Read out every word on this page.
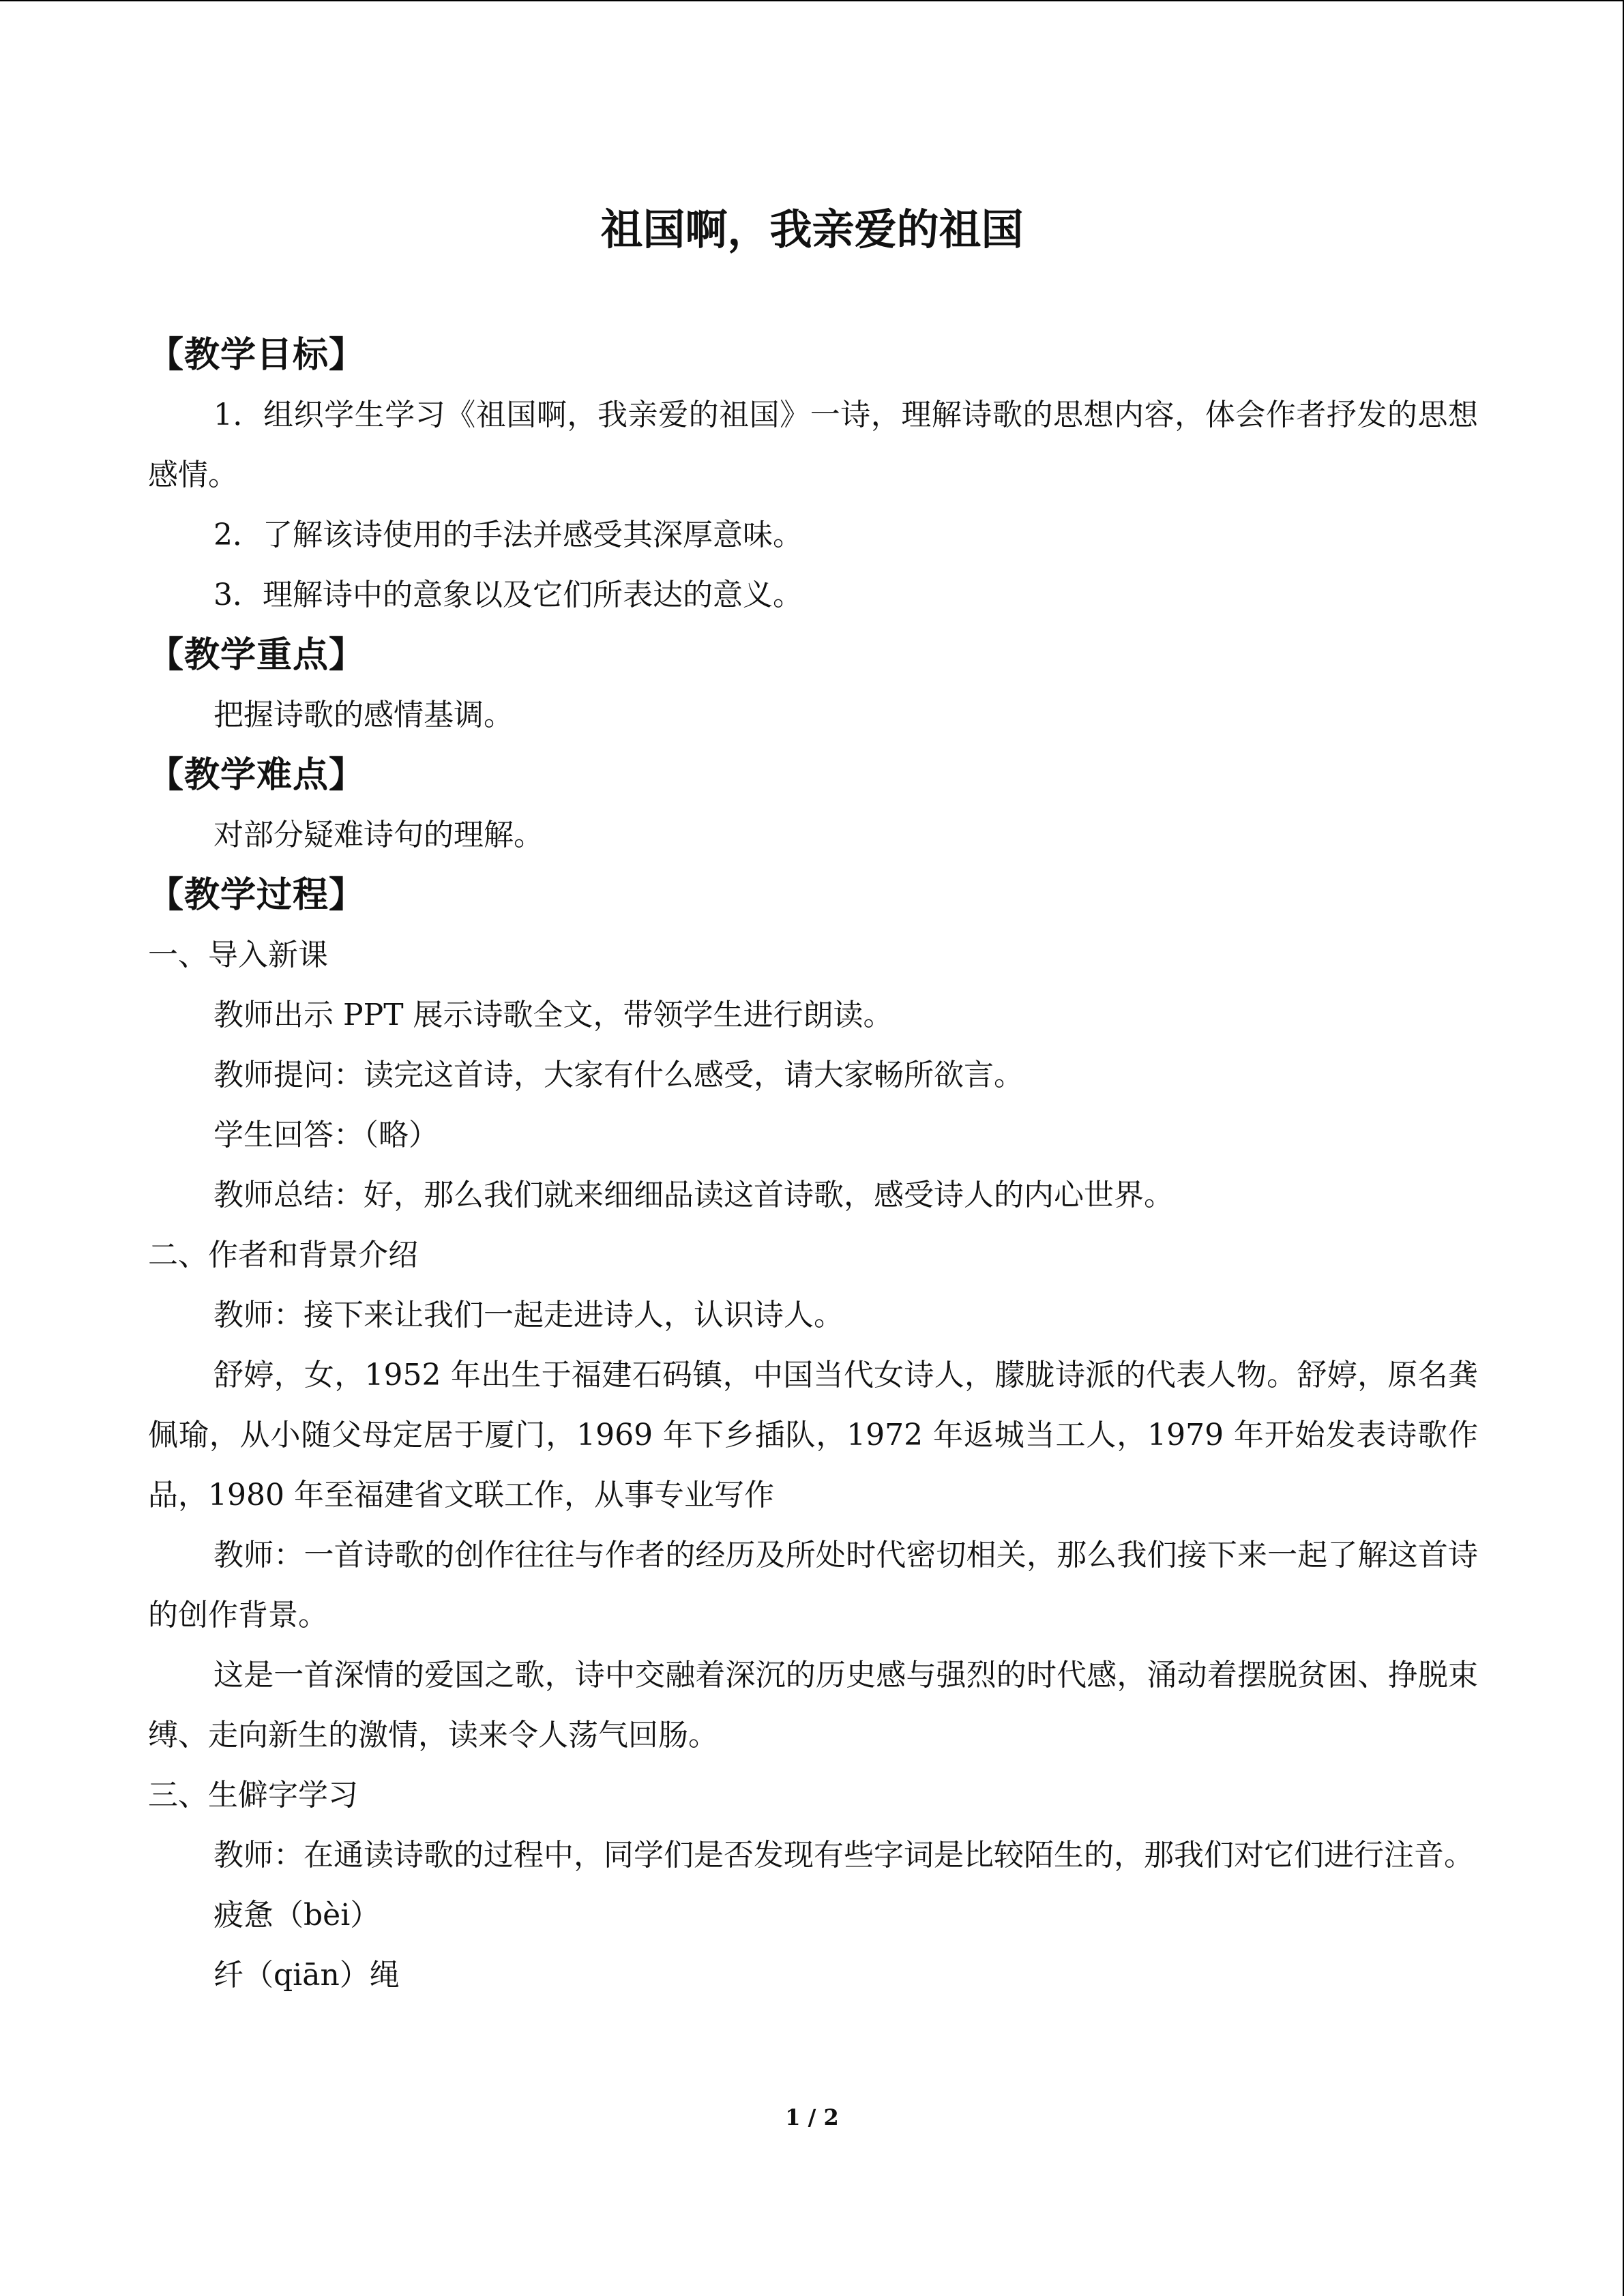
祖国啊，我亲爱的祖国

【教学目标】

1．组织学生学习《祖国啊，我亲爱的祖国》一诗，理解诗歌的思想内容，体会作者抒发的思想感情。

2．了解该诗使用的手法并感受其深厚意味。

3．理解诗中的意象以及它们所表达的意义。

【教学重点】

把握诗歌的感情基调。

【教学难点】

对部分疑难诗句的理解。

【教学过程】

一、导入新课

教师出示 PPT 展示诗歌全文，带领学生进行朗读。

教师提问：读完这首诗，大家有什么感受，请大家畅所欲言。

学生回答：（略）

教师总结：好，那么我们就来细细品读这首诗歌，感受诗人的内心世界。

二、作者和背景介绍

教师：接下来让我们一起走进诗人，认识诗人。

舒婷，女，1952 年出生于福建石码镇，中国当代女诗人，朦胧诗派的代表人物。舒婷，原名龚佩瑜，从小随父母定居于厦门，1969 年下乡插队，1972 年返城当工人，1979 年开始发表诗歌作品，1980 年至福建省文联工作，从事专业写作

教师：一首诗歌的创作往往与作者的经历及所处时代密切相关，那么我们接下来一起了解这首诗的创作背景。

这是一首深情的爱国之歌，诗中交融着深沉的历史感与强烈的时代感，涌动着摆脱贫困、挣脱束缚、走向新生的激情，读来令人荡气回肠。

三、生僻字学习

教师：在通读诗歌的过程中，同学们是否发现有些字词是比较陌生的，那我们对它们进行注音。

疲惫（bèi）

纤（qiān）绳

1 / 2
